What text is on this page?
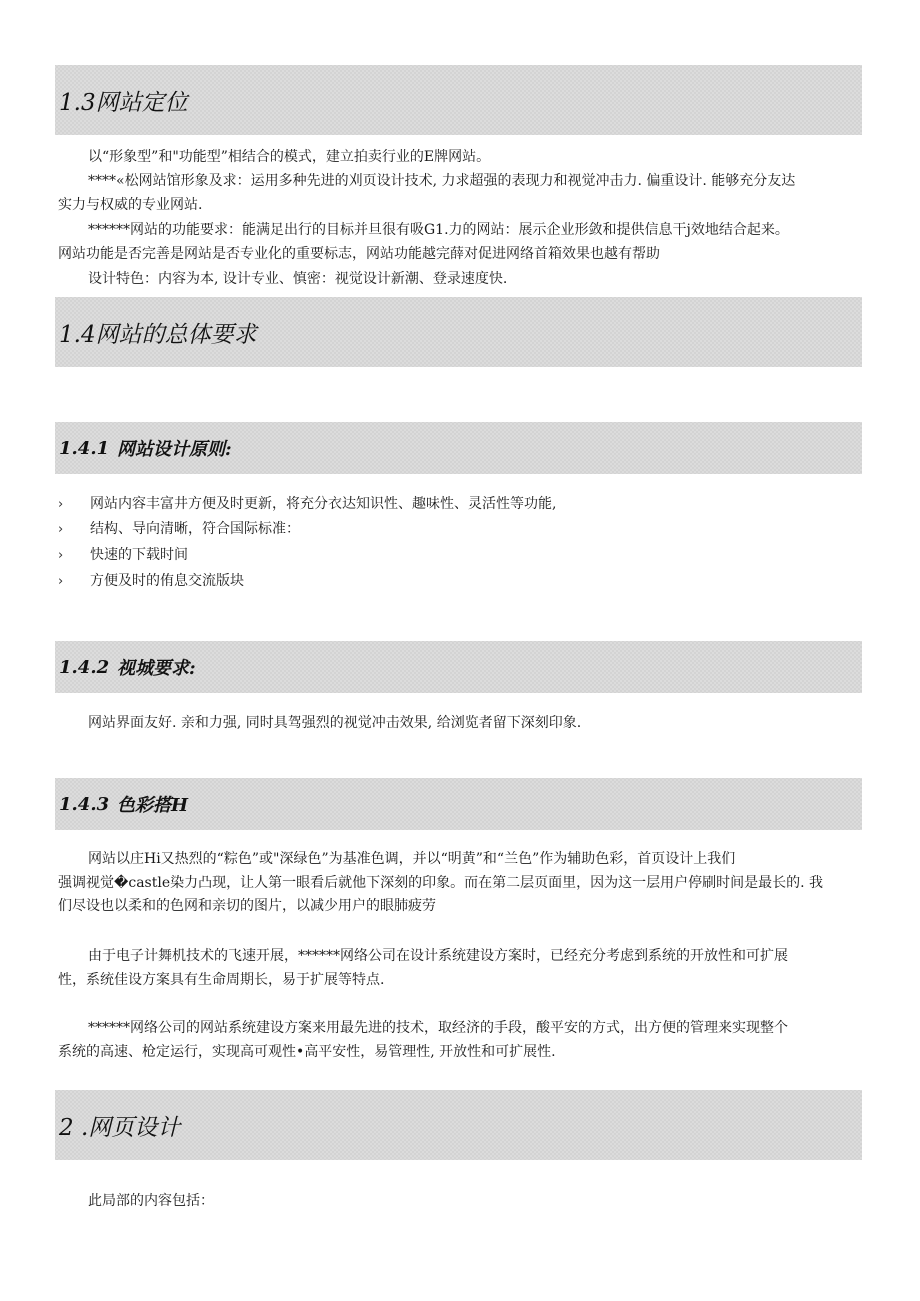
1.3网站定位

以“形象型”和"功能型”相结合的模式，建立拍卖行业的E牌网站。

****«松网站馆形象及求：运用多种先进的刈页设计技术, 力求超强的表现力和视觉冲击力. 偏重设计. 能够充分友达
实力与权威的专业网站.

******网站的功能要求：能满足出行的目标并旦很有吸G1.力的网站：展示企业形敛和提供信息干j效地结合起来。
网站功能是否完善是网站是否专业化的重要标志，网站功能越完薛对促进网络首箱效果也越有帮助

设计特色：内容为本, 设计专业、慎密：视觉设计新潮、登录速度快.

1.4网站的总体要求
1.4.1 网站设计原则:
› 网站内容丰富井方便及时更新，将充分衣达知识性、趣味性、灵活性等功能,
› 结构、导向清晰，符合国际标准：
› 快速的下载时间
› 方便及时的侑息交流版块
1.4.2 视城要求:

网站界面友好. 亲和力强, 同时具驾强烈的视觉冲击效果, 给浏览者留下深刻印象.

1.4.3 色彩搭H

网站以庄Hi又热烈的“粽色”或"深绿色”为基准色调，并以“明黄”和“兰色”作为辅助色彩，首页设计上我们
强调视觉�castle染力凸现，让人第一眼看后就他下深刻的印象。而在第二层页面里，因为这一层用户停刷时间是最长的. 我
们尽设也以柔和的色网和亲切的图片，以减少用户的眼肺疲劳

由于电子计舞机技术的飞速开展，******网络公司在设计系统建设方案时，已经充分考虑到系统的开放性和可扩展
性，系统佳设方案具有生命周期长，易于扩展等特点.

******网络公司的网站系统建设方案来用最先进的技术，取经济的手段，酸平安的方式，出方便的管理来实现整个
系统的高速、枪定运行，实现高可观性•高平安性，易管理性, 开放性和可扩展性.

2 .网页设计

此局部的内容包括：
